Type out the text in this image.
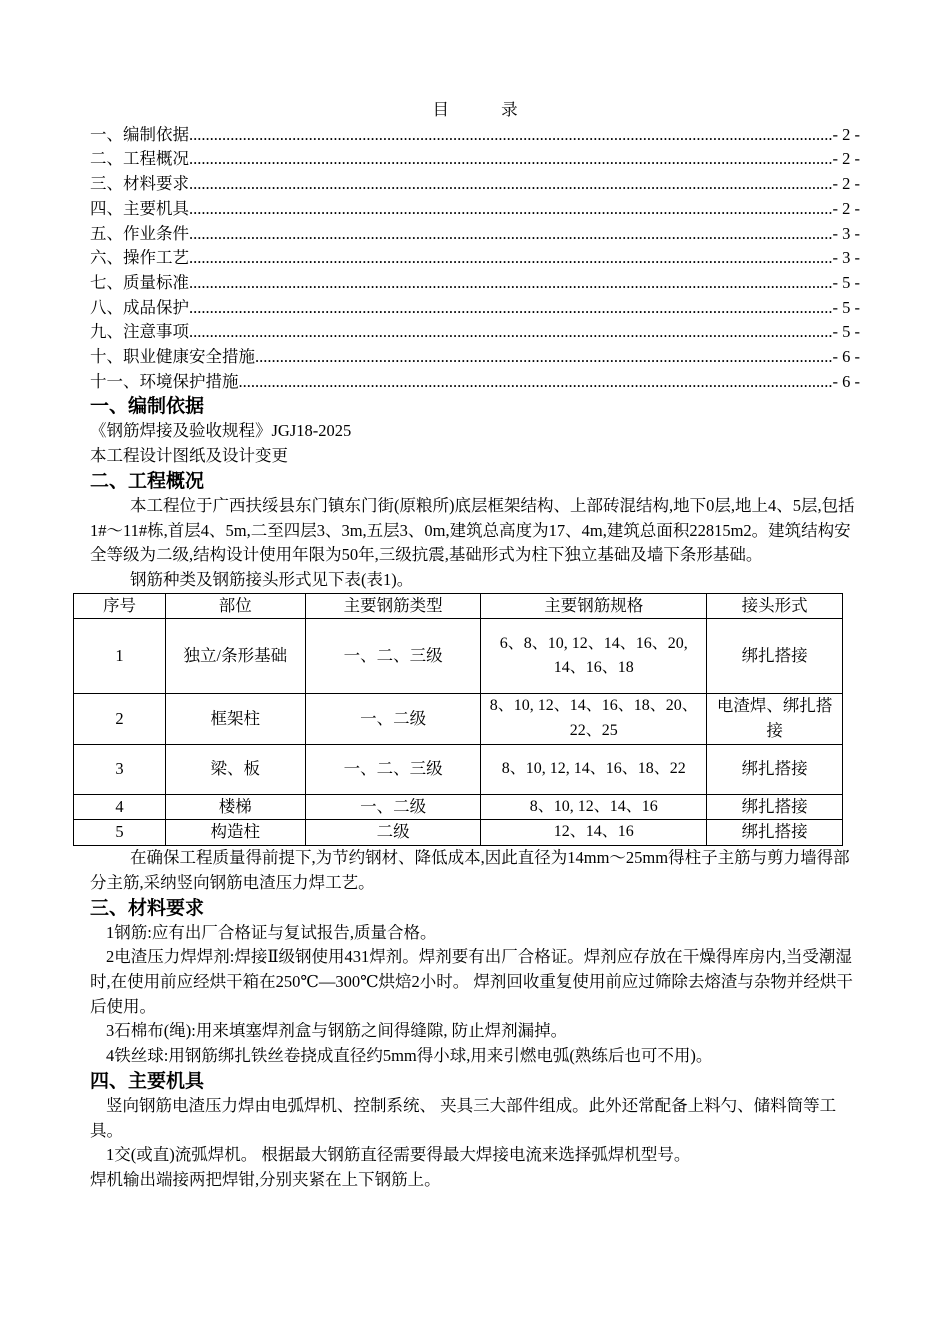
目 录
一、编制依据 .....	- 2 -
二、工程概况 .....	- 2 -
三、材料要求 .....	- 2 -
四、主要机具 .....	- 2 -
五、作业条件 .....	- 3 -
六、操作工艺 .....	- 3 -
七、质量标准 .....	- 5 -
八、成品保护 .....	- 5 -
九、注意事项 .....	- 5 -
十、职业健康安全措施 .....	- 6 -
十一、环境保护措施 .....	- 6 -
一、编制依据

《钢筋焊接及验收规程》JGJ18-2025

本工程设计图纸及设计变更

二、工程概况

本工程位于广西扶绥县东门镇东门街(原粮所)底层框架结构、上部砖混结构,地下0层,地上4、5层,包括1#～11#栋,首层4、5m,二至四层3、3m,五层3、0m,建筑总高度为17、4m,建筑总面积22815m2。建筑结构安全等级为二级,结构设计使用年限为50年,三级抗震,基础形式为柱下独立基础及墙下条形基础。

钢筋种类及钢筋接头形式见下表(表1)。

序号	部位	主要钢筋类型	主要钢筋规格	接头形式
1	独立/条形基础	一、二、三级	6、8、10, 12、14、16、20, 14、16、18	绑扎搭接
2	框架柱	一、二级	8、10, 12、14、16、18、20、22、25	电渣焊、绑扎搭接
3	梁、板	一、二、三级	8、10, 12, 14、16、18、22	绑扎搭接
4	楼梯	一、二级	8、10, 12、14、16	绑扎搭接
5	构造柱	二级	12、14、16	绑扎搭接

在确保工程质量得前提下,为节约钢材、降低成本,因此直径为14mm～25mm得柱子主筋与剪力墙得部分主筋,采纳竖向钢筋电渣压力焊工艺。

三、材料要求

1钢筋:应有出厂合格证与复试报告,质量合格。

2电渣压力焊焊剂:焊接Ⅱ级钢使用431焊剂。焊剂要有出厂合格证。焊剂应存放在干燥得库房内,当受潮湿时,在使用前应经烘干箱在250℃—300℃烘焙2小时。 焊剂回收重复使用前应过筛除去熔渣与杂物并经烘干后使用。

3石棉布(绳):用来填塞焊剂盒与钢筋之间得缝隙, 防止焊剂漏掉。

4铁丝球:用钢筋绑扎铁丝卷挠成直径约5mm得小球,用来引燃电弧(熟练后也可不用)。

四、主要机具

竖向钢筋电渣压力焊由电弧焊机、控制系统、 夹具三大部件组成。此外还常配备上料勺、储料筒等工具。

1交(或直)流弧焊机。 根据最大钢筋直径需要得最大焊接电流来选择弧焊机型号。

焊机输出端接两把焊钳,分别夹紧在上下钢筋上。
